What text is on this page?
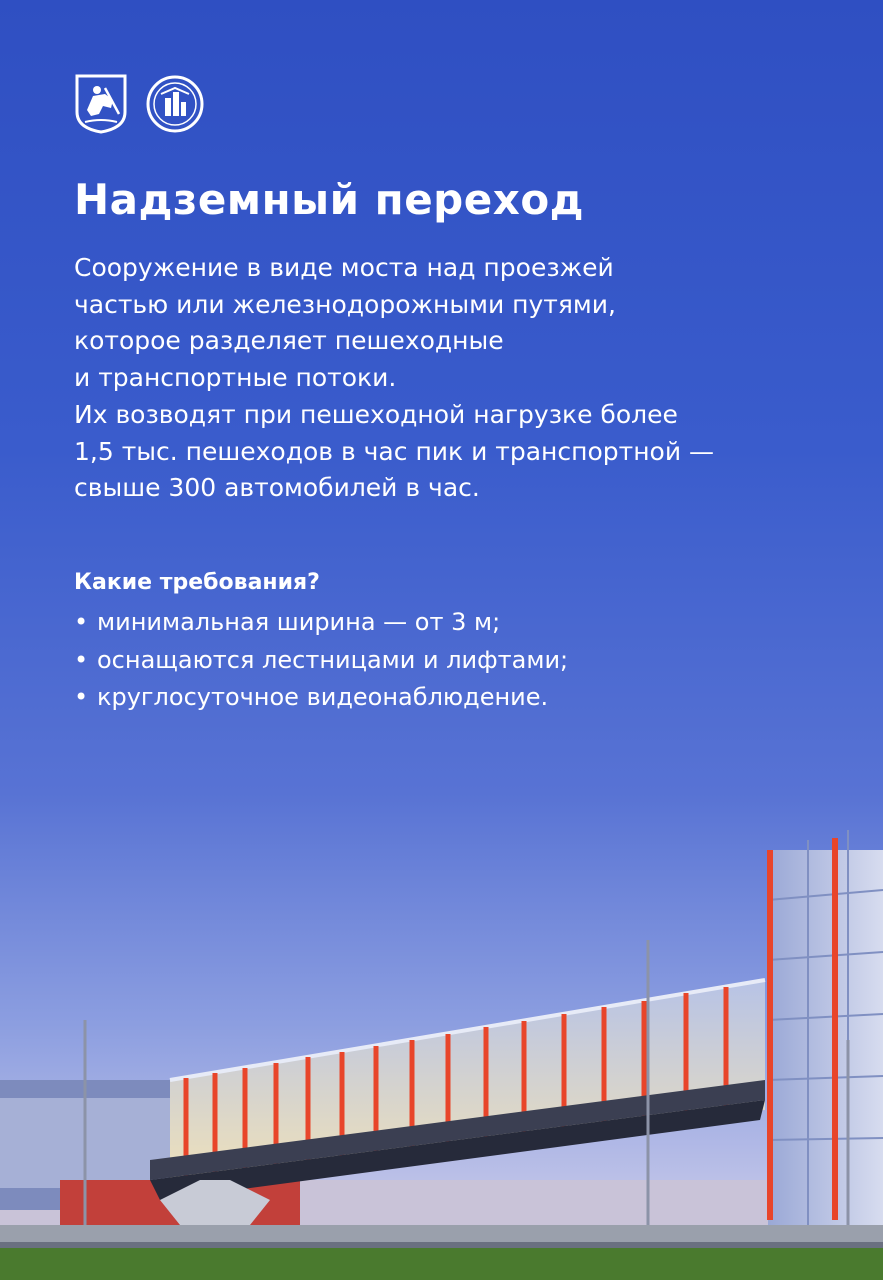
Надземный переход
Сооружение в виде моста над проезжей
частью или железнодорожными путями,
которое разделяет пешеходные
и транспортные потоки.
Их возводят при пешеходной нагрузке более
1,5 тыс. пешеходов в час пик и транспортной —
свыше 300 автомобилей в час.
Какие требования?
• минимальная ширина — от 3 м;
• оснащаются лестницами и лифтами;
• круглосуточное видеонаблюдение.
